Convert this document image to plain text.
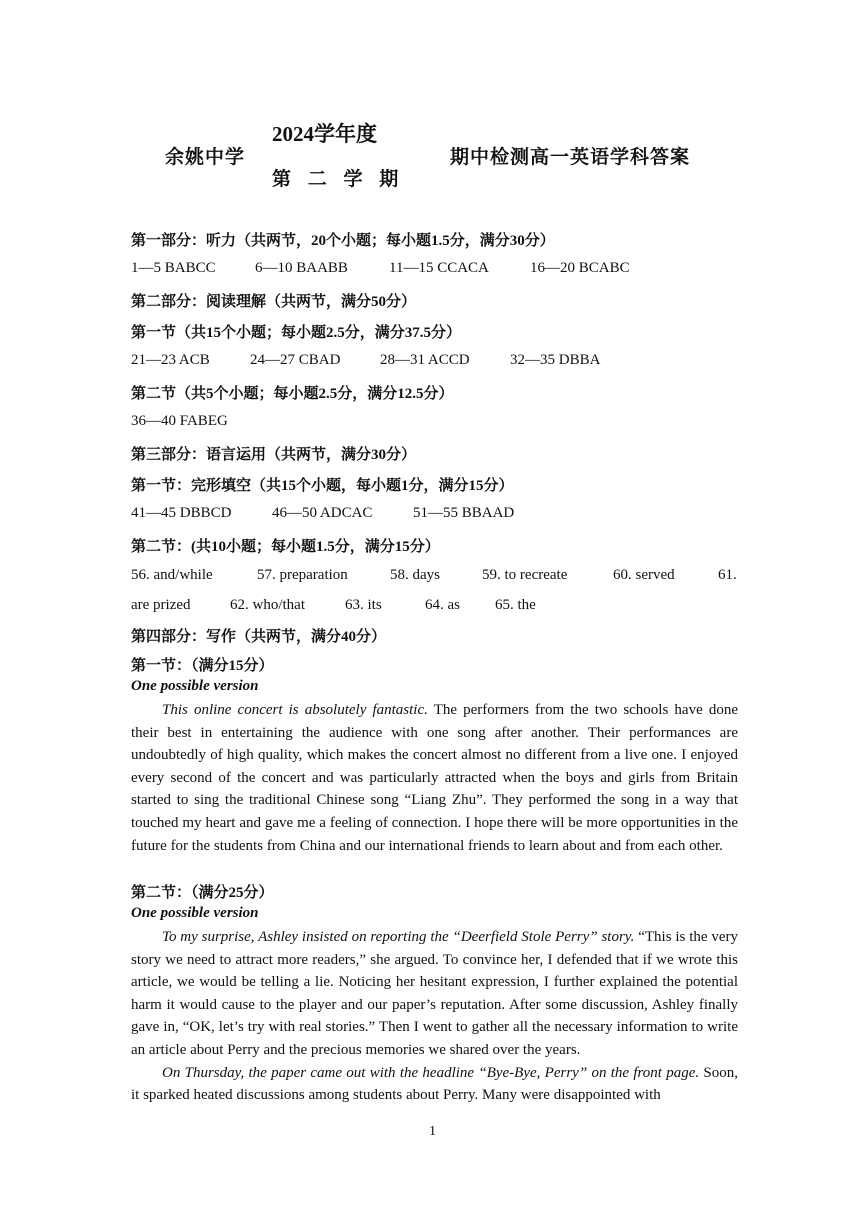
2024学年度
余姚中学	期中检测高一英语学科答案
第 二 学 期
第一部分：听力（共两节，20个小题；每小题1.5分，满分30分）
1—5 BABCC	6—10 BAABB	11—15 CCACA	16—20 BCABC
第二部分：阅读理解（共两节，满分50分）
第一节（共15个小题；每小题2.5分，满分37.5分）
21—23 ACB	24—27 CBAD	28—31 ACCD	32—35 DBBA
第二节（共5个小题；每小题2.5分，满分12.5分）
36—40 FABEG
第三部分：语言运用（共两节，满分30分）
第一节：完形填空（共15个小题，每小题1分，满分15分）
41—45 DBBCD	46—50 ADCAC	51—55 BBAAD
第二节：(共10小题；每小题1.5分，满分15分）
56. and/while	57. preparation	58. days	59. to recreate	60. served	61.
are prized	62. who/that	63. its	64. as 65. the
第四部分：写作（共两节，满分40分）
第一节：（满分15分）
One possible version

This online concert is absolutely fantastic. The performers from the two schools have done their best in entertaining the audience with one song after another. Their performances are undoubtedly of high quality, which makes the concert almost no different from a live one. I enjoyed every second of the concert and was particularly attracted when the boys and girls from Britain started to sing the traditional Chinese song “Liang Zhu”. They performed the song in a way that touched my heart and gave me a feeling of connection. I hope there will be more opportunities in the future for the students from China and our international friends to learn about and from each other.

第二节：（满分25分）
One possible version

To my surprise, Ashley insisted on reporting the “Deerfield Stole Perry” story. “This is the very story we need to attract more readers,” she argued. To convince her, I defended that if we wrote this article, we would be telling a lie. Noticing her hesitant expression, I further explained the potential harm it would cause to the player and our paper’s reputation. After some discussion, Ashley finally gave in, “OK, let’s try with real stories.” Then I went to gather all the necessary information to write an article about Perry and the precious memories we shared over the years.

On Thursday, the paper came out with the headline “Bye-Bye, Perry” on the front page. Soon, it sparked heated discussions among students about Perry. Many were disappointed with

1
